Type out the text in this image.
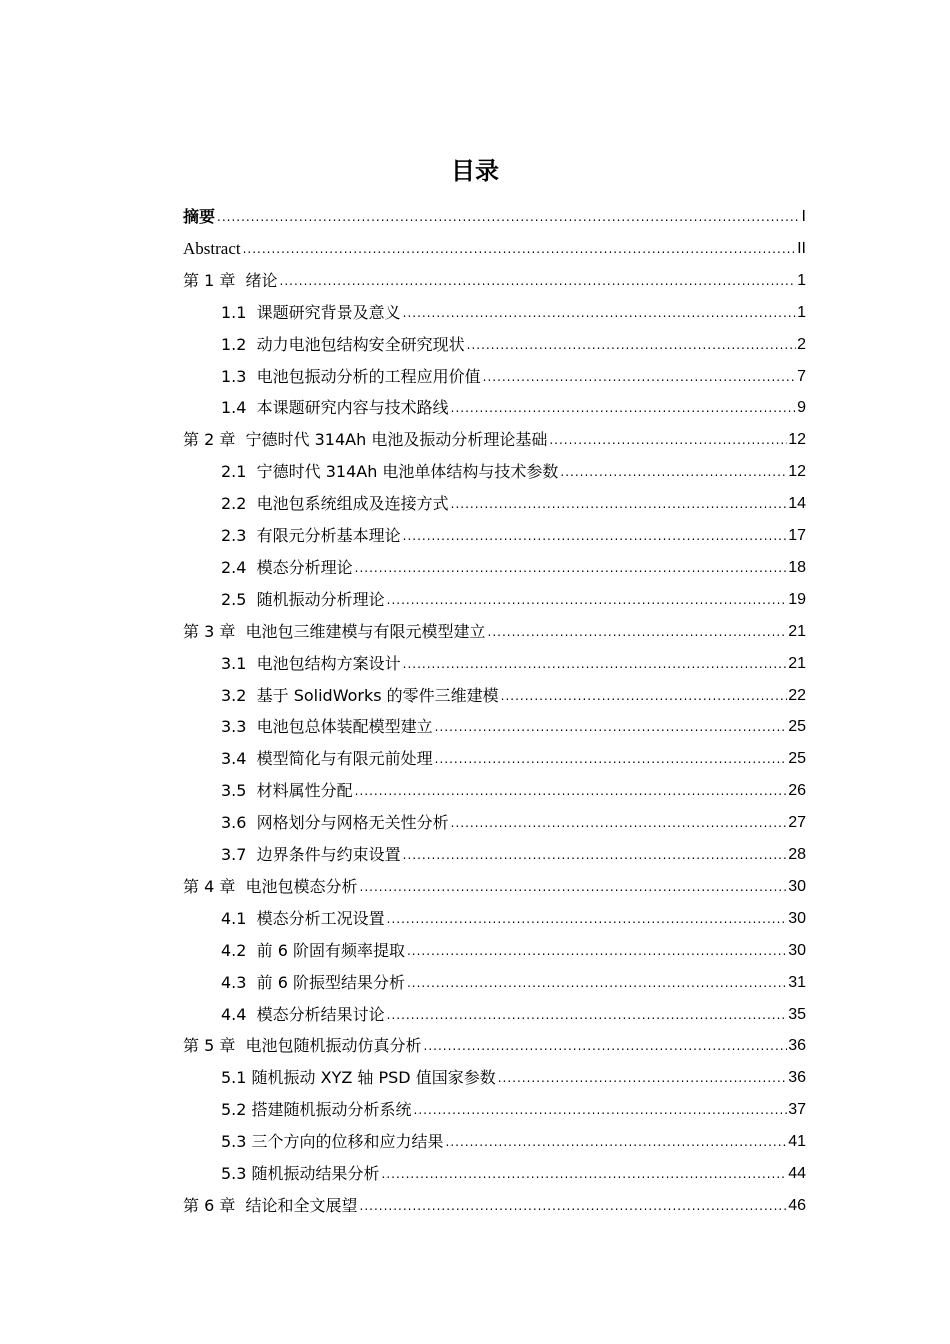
目录
摘要 .....	I
Abstract .....	II
第 1 章  绪论 .....	1
1.1  课题研究背景及意义 .....	1
1.2  动力电池包结构安全研究现状 .....	2
1.3  电池包振动分析的工程应用价值 .....	7
1.4  本课题研究内容与技术路线 .....	9
第 2 章  宁德时代 314Ah 电池及振动分析理论基础 .....	12
2.1  宁德时代 314Ah 电池单体结构与技术参数 .....	12
2.2  电池包系统组成及连接方式 .....	14
2.3  有限元分析基本理论 .....	17
2.4  模态分析理论 .....	18
2.5  随机振动分析理论 .....	19
第 3 章  电池包三维建模与有限元模型建立 .....	21
3.1  电池包结构方案设计 .....	21
3.2  基于 SolidWorks 的零件三维建模 .....	22
3.3  电池包总体装配模型建立 .....	25
3.4  模型简化与有限元前处理 .....	25
3.5  材料属性分配 .....	26
3.6  网格划分与网格无关性分析 .....	27
3.7  边界条件与约束设置 .....	28
第 4 章  电池包模态分析 .....	30
4.1  模态分析工况设置 .....	30
4.2  前 6 阶固有频率提取 .....	30
4.3  前 6 阶振型结果分析 .....	31
4.4  模态分析结果讨论 .....	35
第 5 章  电池包随机振动仿真分析 .....	36
5.1 随机振动 XYZ 轴 PSD 值国家参数 .....	36
5.2 搭建随机振动分析系统 .....	37
5.3 三个方向的位移和应力结果 .....	41
5.3 随机振动结果分析 .....	44
第 6 章  结论和全文展望 .....	46
